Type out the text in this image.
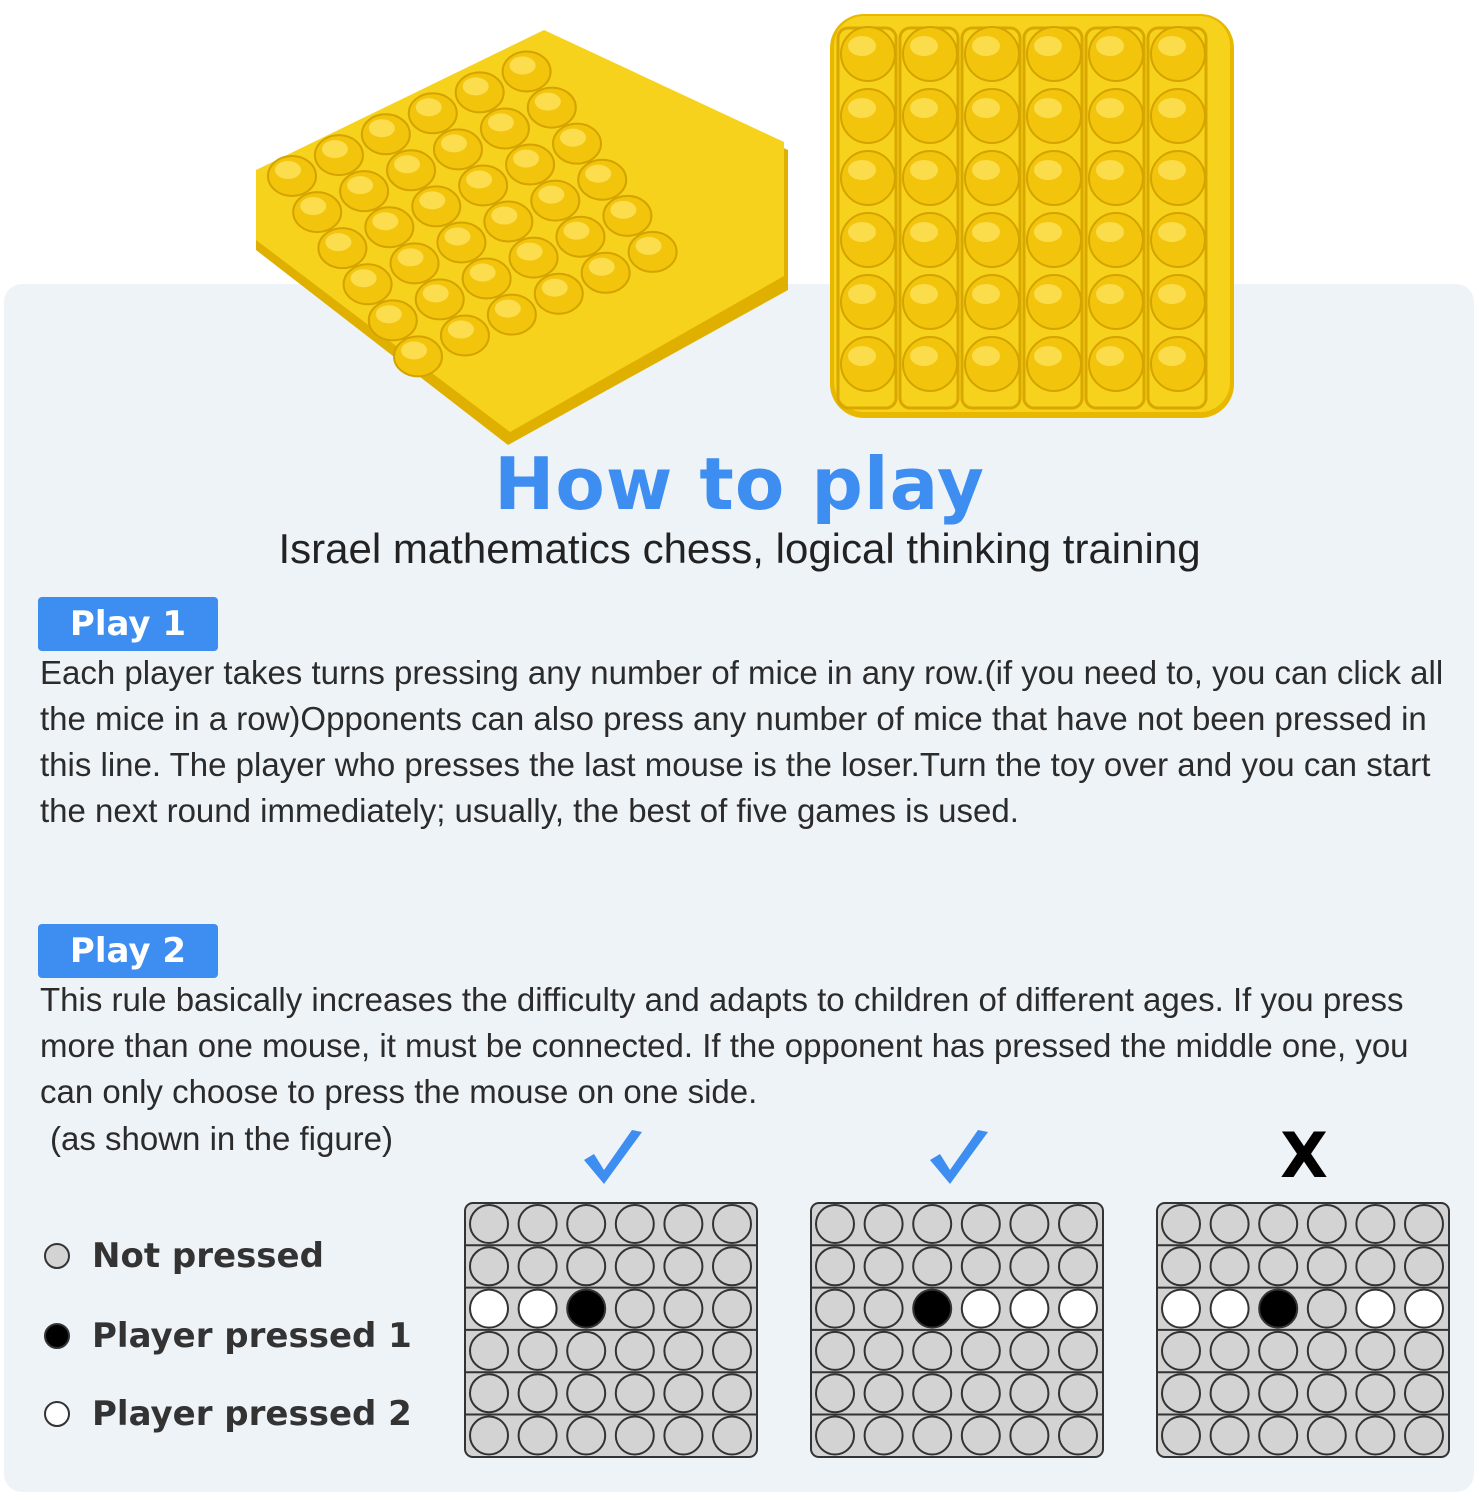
How to play
Israel mathematics chess, logical thinking training
Play 1

Each player takes turns pressing any number of mice in any row.(if you need to, you can click all the mice in a row)Opponents can also press any number of mice that have not been pressed in this line. The player who presses the last mouse is the loser.Turn the toy over and you can start the next round immediately; usually, the best of five games is used.

Play 2

This rule basically increases the difficulty and adapts to children of different ages. If you press more than one mouse, it must be connected. If the opponent has pressed the middle one, you can only choose to press the mouse on one side.

(as shown in the figure)
Not pressed
Player pressed 1
Player pressed 2
X
